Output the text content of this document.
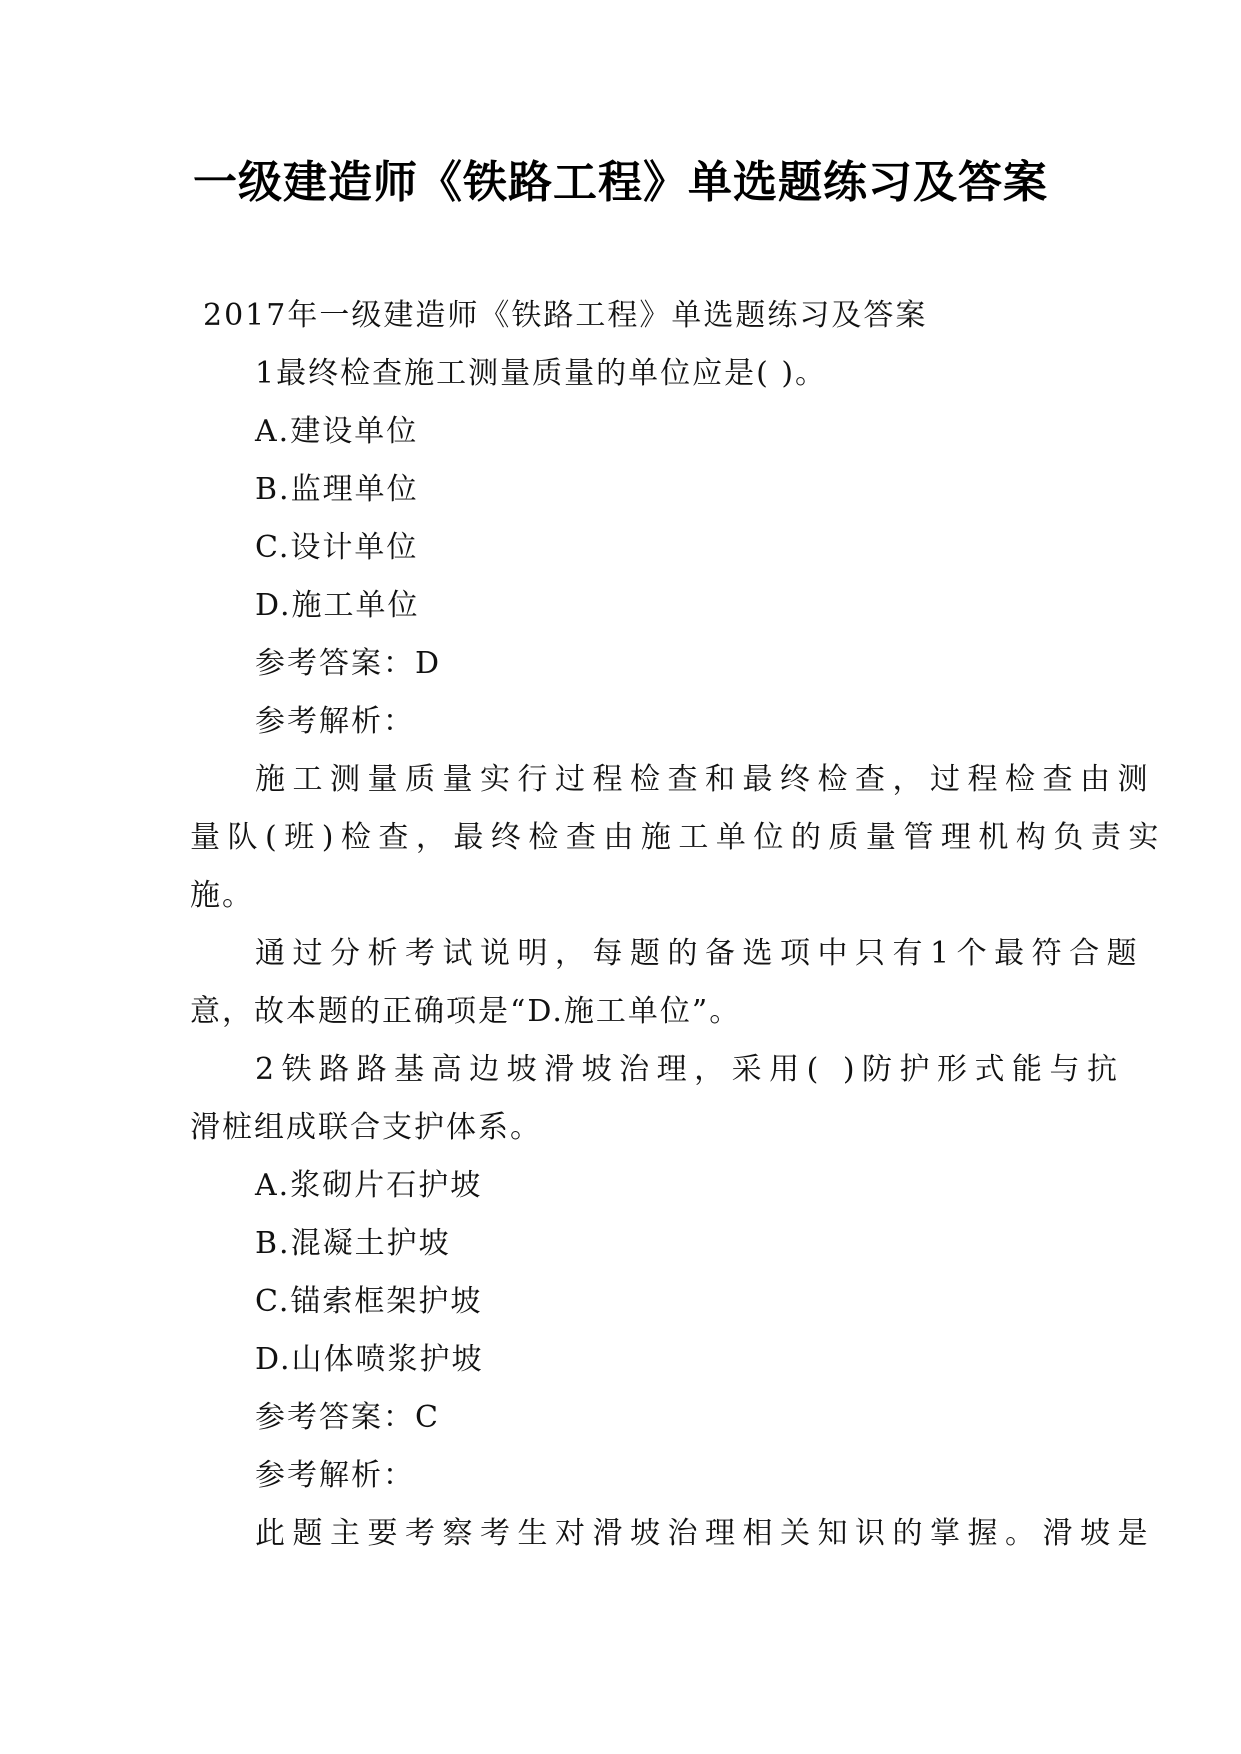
一级建造师《铁路工程》单选题练习及答案

2017年一级建造师《铁路工程》单选题练习及答案

1最终检查施工测量质量的单位应是( )。

A.建设单位

B.监理单位

C.设计单位

D.施工单位

参考答案：D

参考解析：

施工测量质量实行过程检查和最终检查，过程检查由测

量队(班)检查，最终检查由施工单位的质量管理机构负责实

施。

通过分析考试说明，每题的备选项中只有1个最符合题

意，故本题的正确项是“D.施工单位”。

2铁路路基高边坡滑坡治理，采用( )防护形式能与抗

滑桩组成联合支护体系。

A.浆砌片石护坡

B.混凝土护坡

C.锚索框架护坡

D.山体喷浆护坡

参考答案：C

参考解析：

此题主要考察考生对滑坡治理相关知识的掌握。滑坡是
